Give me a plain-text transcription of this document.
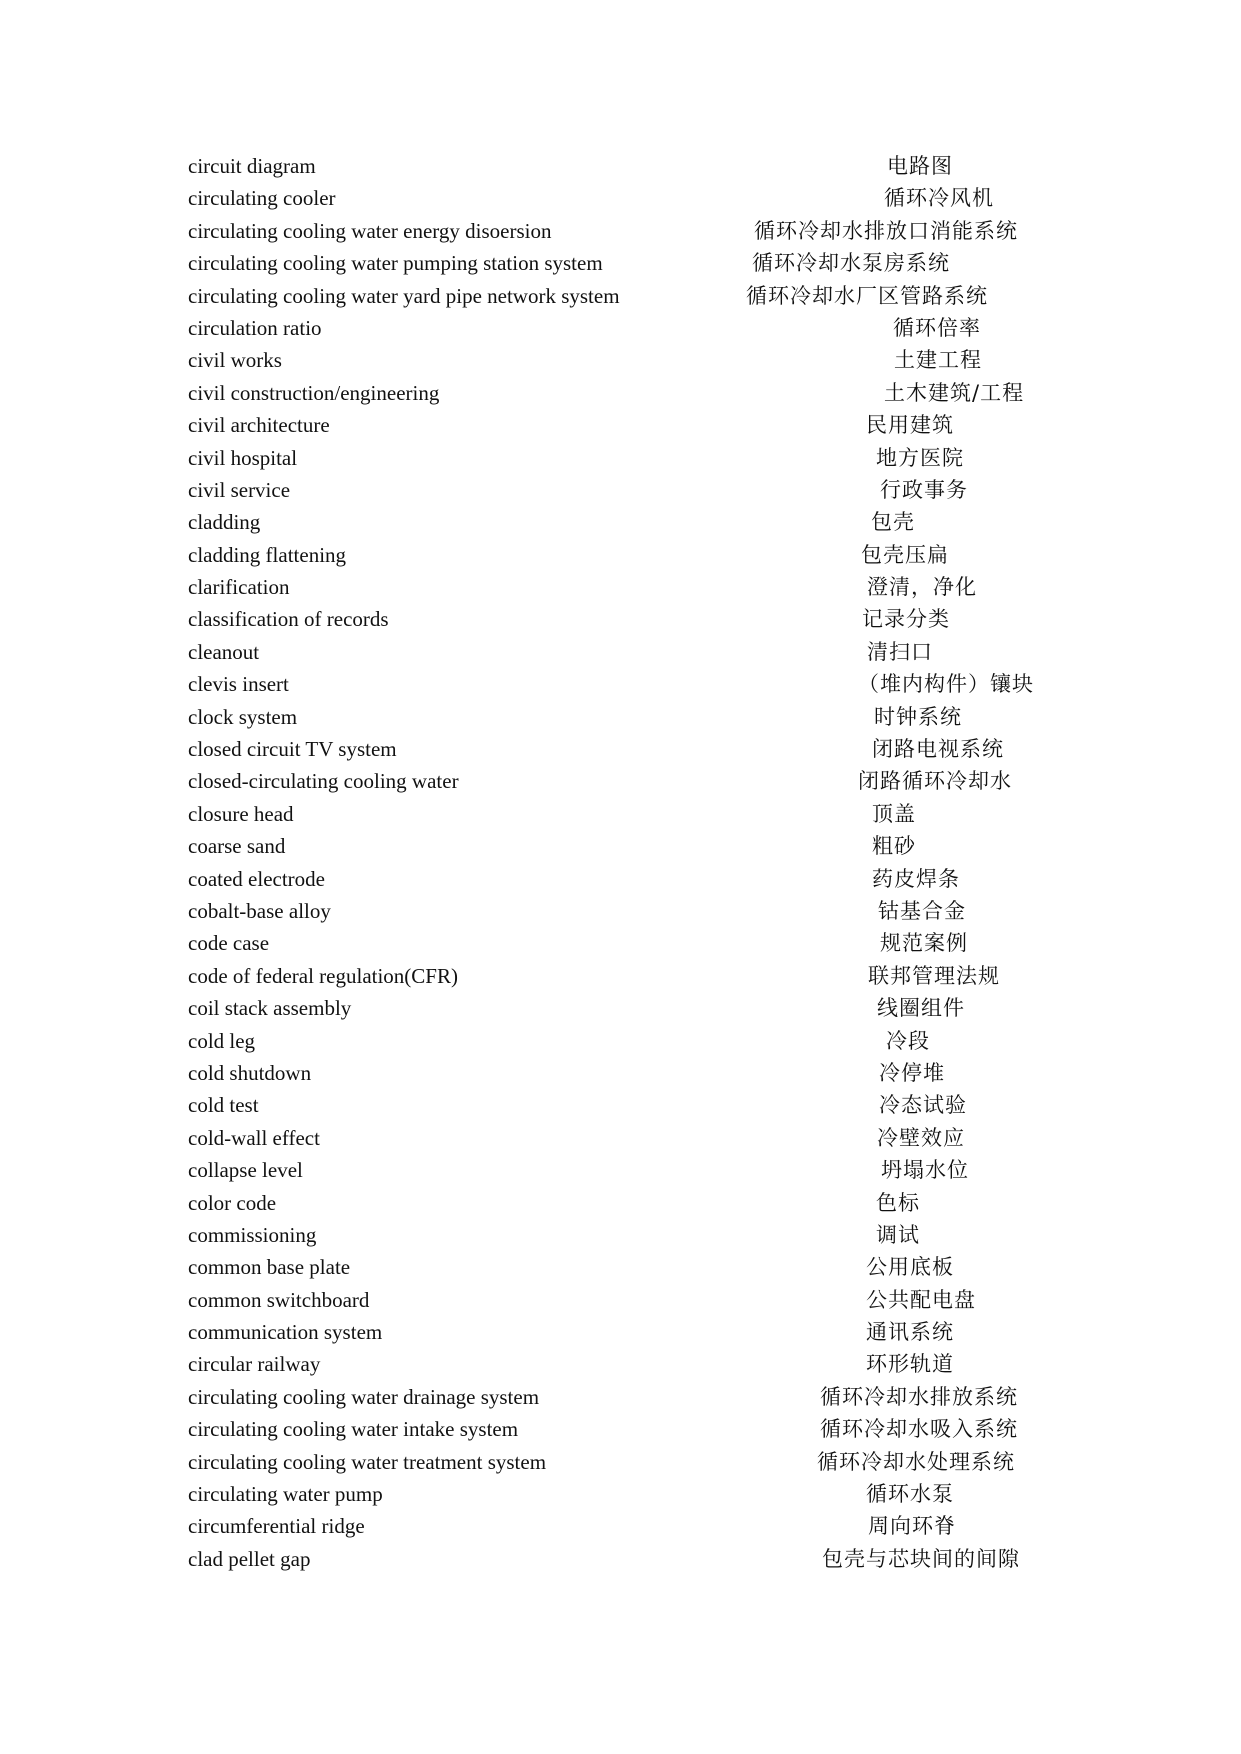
circuit diagram	电路图
circulating cooler	循环冷风机
circulating cooling water energy disoersion	循环冷却水排放口消能系统
circulating cooling water pumping station system	循环冷却水泵房系统
circulating cooling water yard pipe network system	循环冷却水厂区管路系统
circulation ratio	循环倍率
civil works	土建工程
civil construction/engineering	土木建筑/工程
civil architecture	民用建筑
civil hospital	地方医院
civil service	行政事务
cladding	包壳
cladding flattening	包壳压扁
clarification	澄清，净化
classification of records	记录分类
cleanout	清扫口
clevis insert	（堆内构件）镶块
clock system	时钟系统
closed circuit TV system	闭路电视系统
closed-circulating cooling water	闭路循环冷却水
closure head	顶盖
coarse sand	粗砂
coated electrode	药皮焊条
cobalt-base alloy	钴基合金
code case	规范案例
code of federal regulation(CFR)	联邦管理法规
coil stack assembly	线圈组件
cold leg	冷段
cold shutdown	冷停堆
cold test	冷态试验
cold-wall effect	冷壁效应
collapse level	坍塌水位
color code	色标
commissioning	调试
common base plate	公用底板
common switchboard	公共配电盘
communication system	通讯系统
circular railway	环形轨道
circulating cooling water drainage system	循环冷却水排放系统
circulating cooling water intake system	循环冷却水吸入系统
circulating cooling water treatment system	循环冷却水处理系统
circulating water pump	循环水泵
circumferential ridge	周向环脊
clad pellet gap	包壳与芯块间的间隙
